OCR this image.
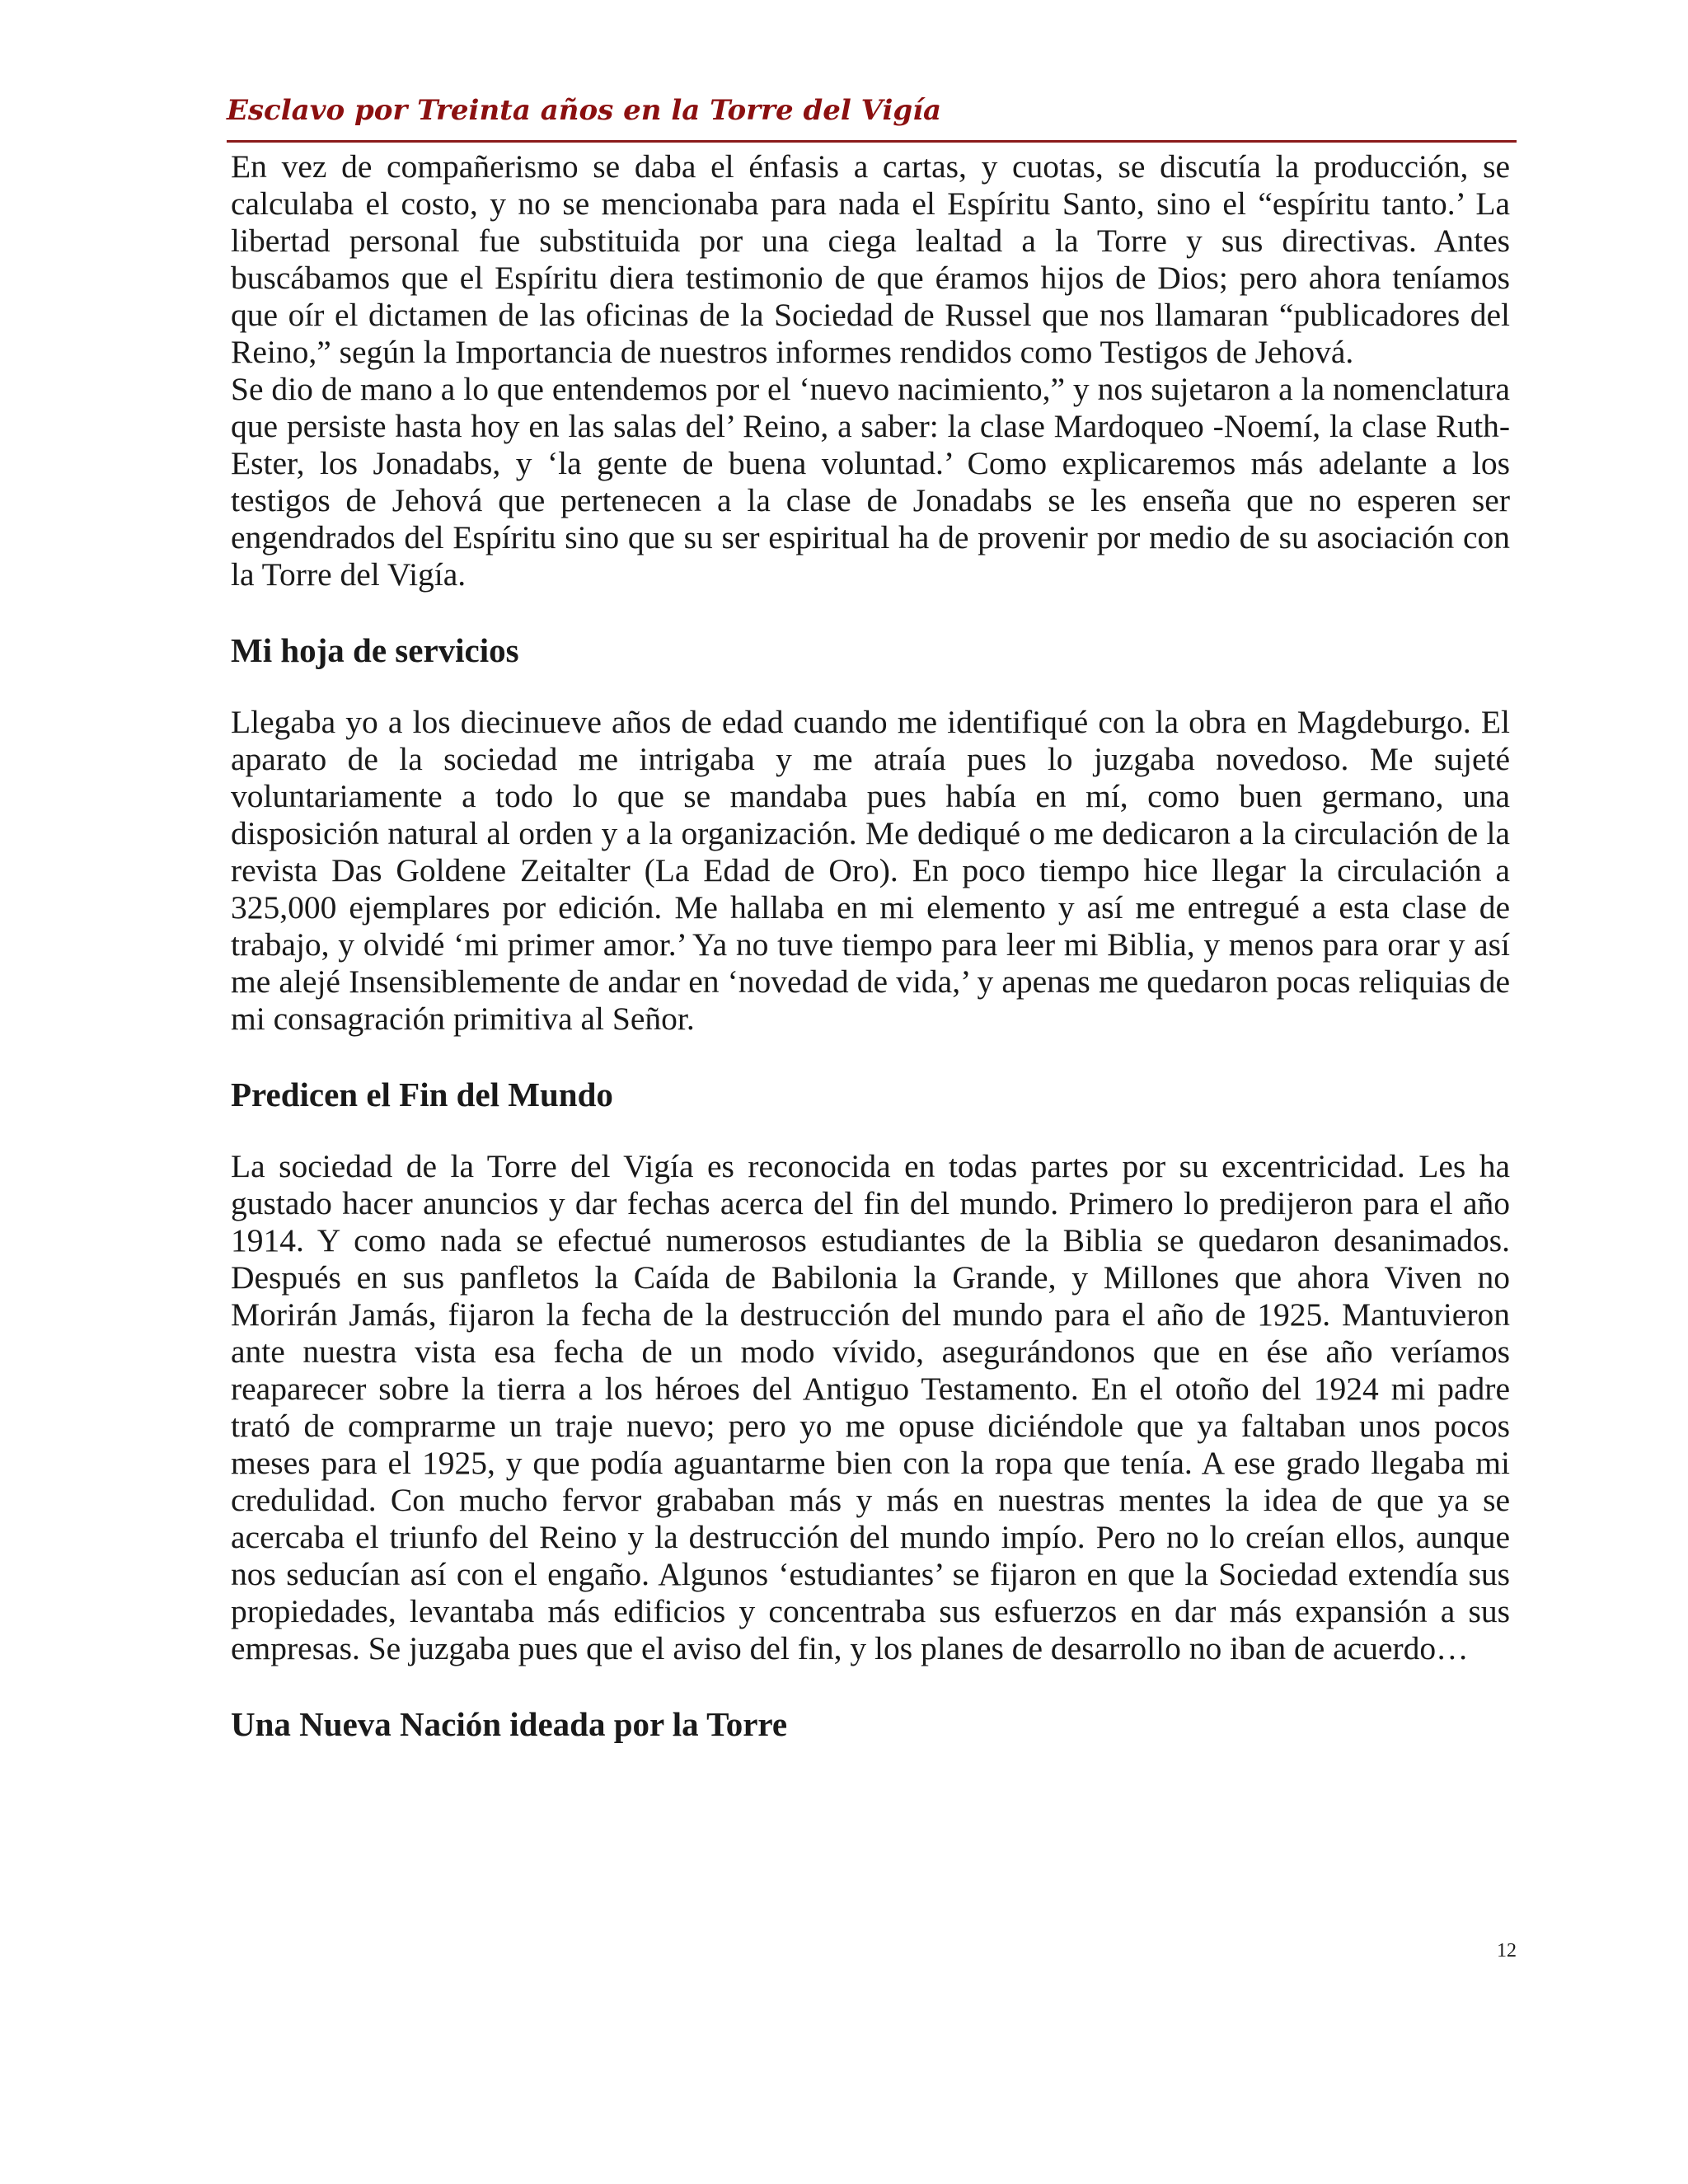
Esclavo por Treinta años en la Torre del Vigía

En vez de compañerismo se daba el énfasis a cartas, y cuotas, se discutía la producción, se calculaba el costo, y no se mencionaba para nada el Espíritu Santo, sino el “espíritu tanto.’ La libertad personal fue substituida por una ciega lealtad a la Torre y sus directivas. Antes buscábamos que el Espíritu diera testimonio de que éramos hijos de Dios; pero ahora teníamos que oír el dictamen de las oficinas de la Sociedad de Russel que nos llamaran “publicadores del Reino,” según la Importancia de nuestros informes rendidos como Testigos de Jehová.

Se dio de mano a lo que entendemos por el ‘nuevo nacimiento,” y nos sujetaron a la nomenclatura que persiste hasta hoy en las salas del’ Reino, a saber: la clase Mardoqueo -Noemí, la clase Ruth-Ester, los Jonadabs, y ‘la gente de buena voluntad.’ Como explicaremos más adelante a los testigos de Jehová que pertenecen a la clase de Jonadabs se les enseña que no esperen ser engendrados del Espíritu sino que su ser espiritual ha de provenir por medio de su asociación con la Torre del Vigía.

Mi hoja de servicios

Llegaba yo a los diecinueve años de edad cuando me identifiqué con la obra en Magdeburgo. El aparato de la sociedad me intrigaba y me atraía pues lo juzgaba novedoso. Me sujeté voluntariamente a todo lo que se mandaba pues había en mí, como buen germano, una disposición natural al orden y a la organización. Me dediqué o me dedicaron a la circulación de la revista Das Goldene Zeitalter (La Edad de Oro). En poco tiempo hice llegar la circulación a 325,000 ejemplares por edición. Me hallaba en mi elemento y así me entregué a esta clase de trabajo, y olvidé ‘mi primer amor.’ Ya no tuve tiempo para leer mi Biblia, y menos para orar y así me alejé Insensiblemente de andar en ‘novedad de vida,’ y apenas me quedaron pocas reliquias de mi consagración primitiva al Señor.

Predicen el Fin del Mundo

La sociedad de la Torre del Vigía es reconocida en todas partes por su excentricidad. Les ha gustado hacer anuncios y dar fechas acerca del fin del mundo. Primero lo predijeron para el año 1914. Y como nada se efectué numerosos estudiantes de la Biblia se quedaron desanimados. Después en sus panfletos la Caída de Babilonia la Grande, y Millones que ahora Viven no Morirán Jamás, fijaron la fecha de la destrucción del mundo para el año de 1925. Mantuvieron ante nuestra vista esa fecha de un modo vívido, asegurándonos que en ése año veríamos reaparecer sobre la tierra a los héroes del Antiguo Testamento. En el otoño del 1924 mi padre trató de comprarme un traje nuevo; pero yo me opuse diciéndole que ya faltaban unos pocos meses para el 1925, y que podía aguantarme bien con la ropa que tenía. A ese grado llegaba mi credulidad. Con mucho fervor grababan más y más en nuestras mentes la idea de que ya se acercaba el triunfo del Reino y la destrucción del mundo impío. Pero no lo creían ellos, aunque nos seducían así con el engaño. Algunos ‘estudiantes’ se fijaron en que la Sociedad extendía sus propiedades, levantaba más edificios y concentraba sus esfuerzos en dar más expansión a sus empresas. Se juzgaba pues que el aviso del fin, y los planes de desarrollo no iban de acuerdo…

Una Nueva Nación ideada por la Torre
12
